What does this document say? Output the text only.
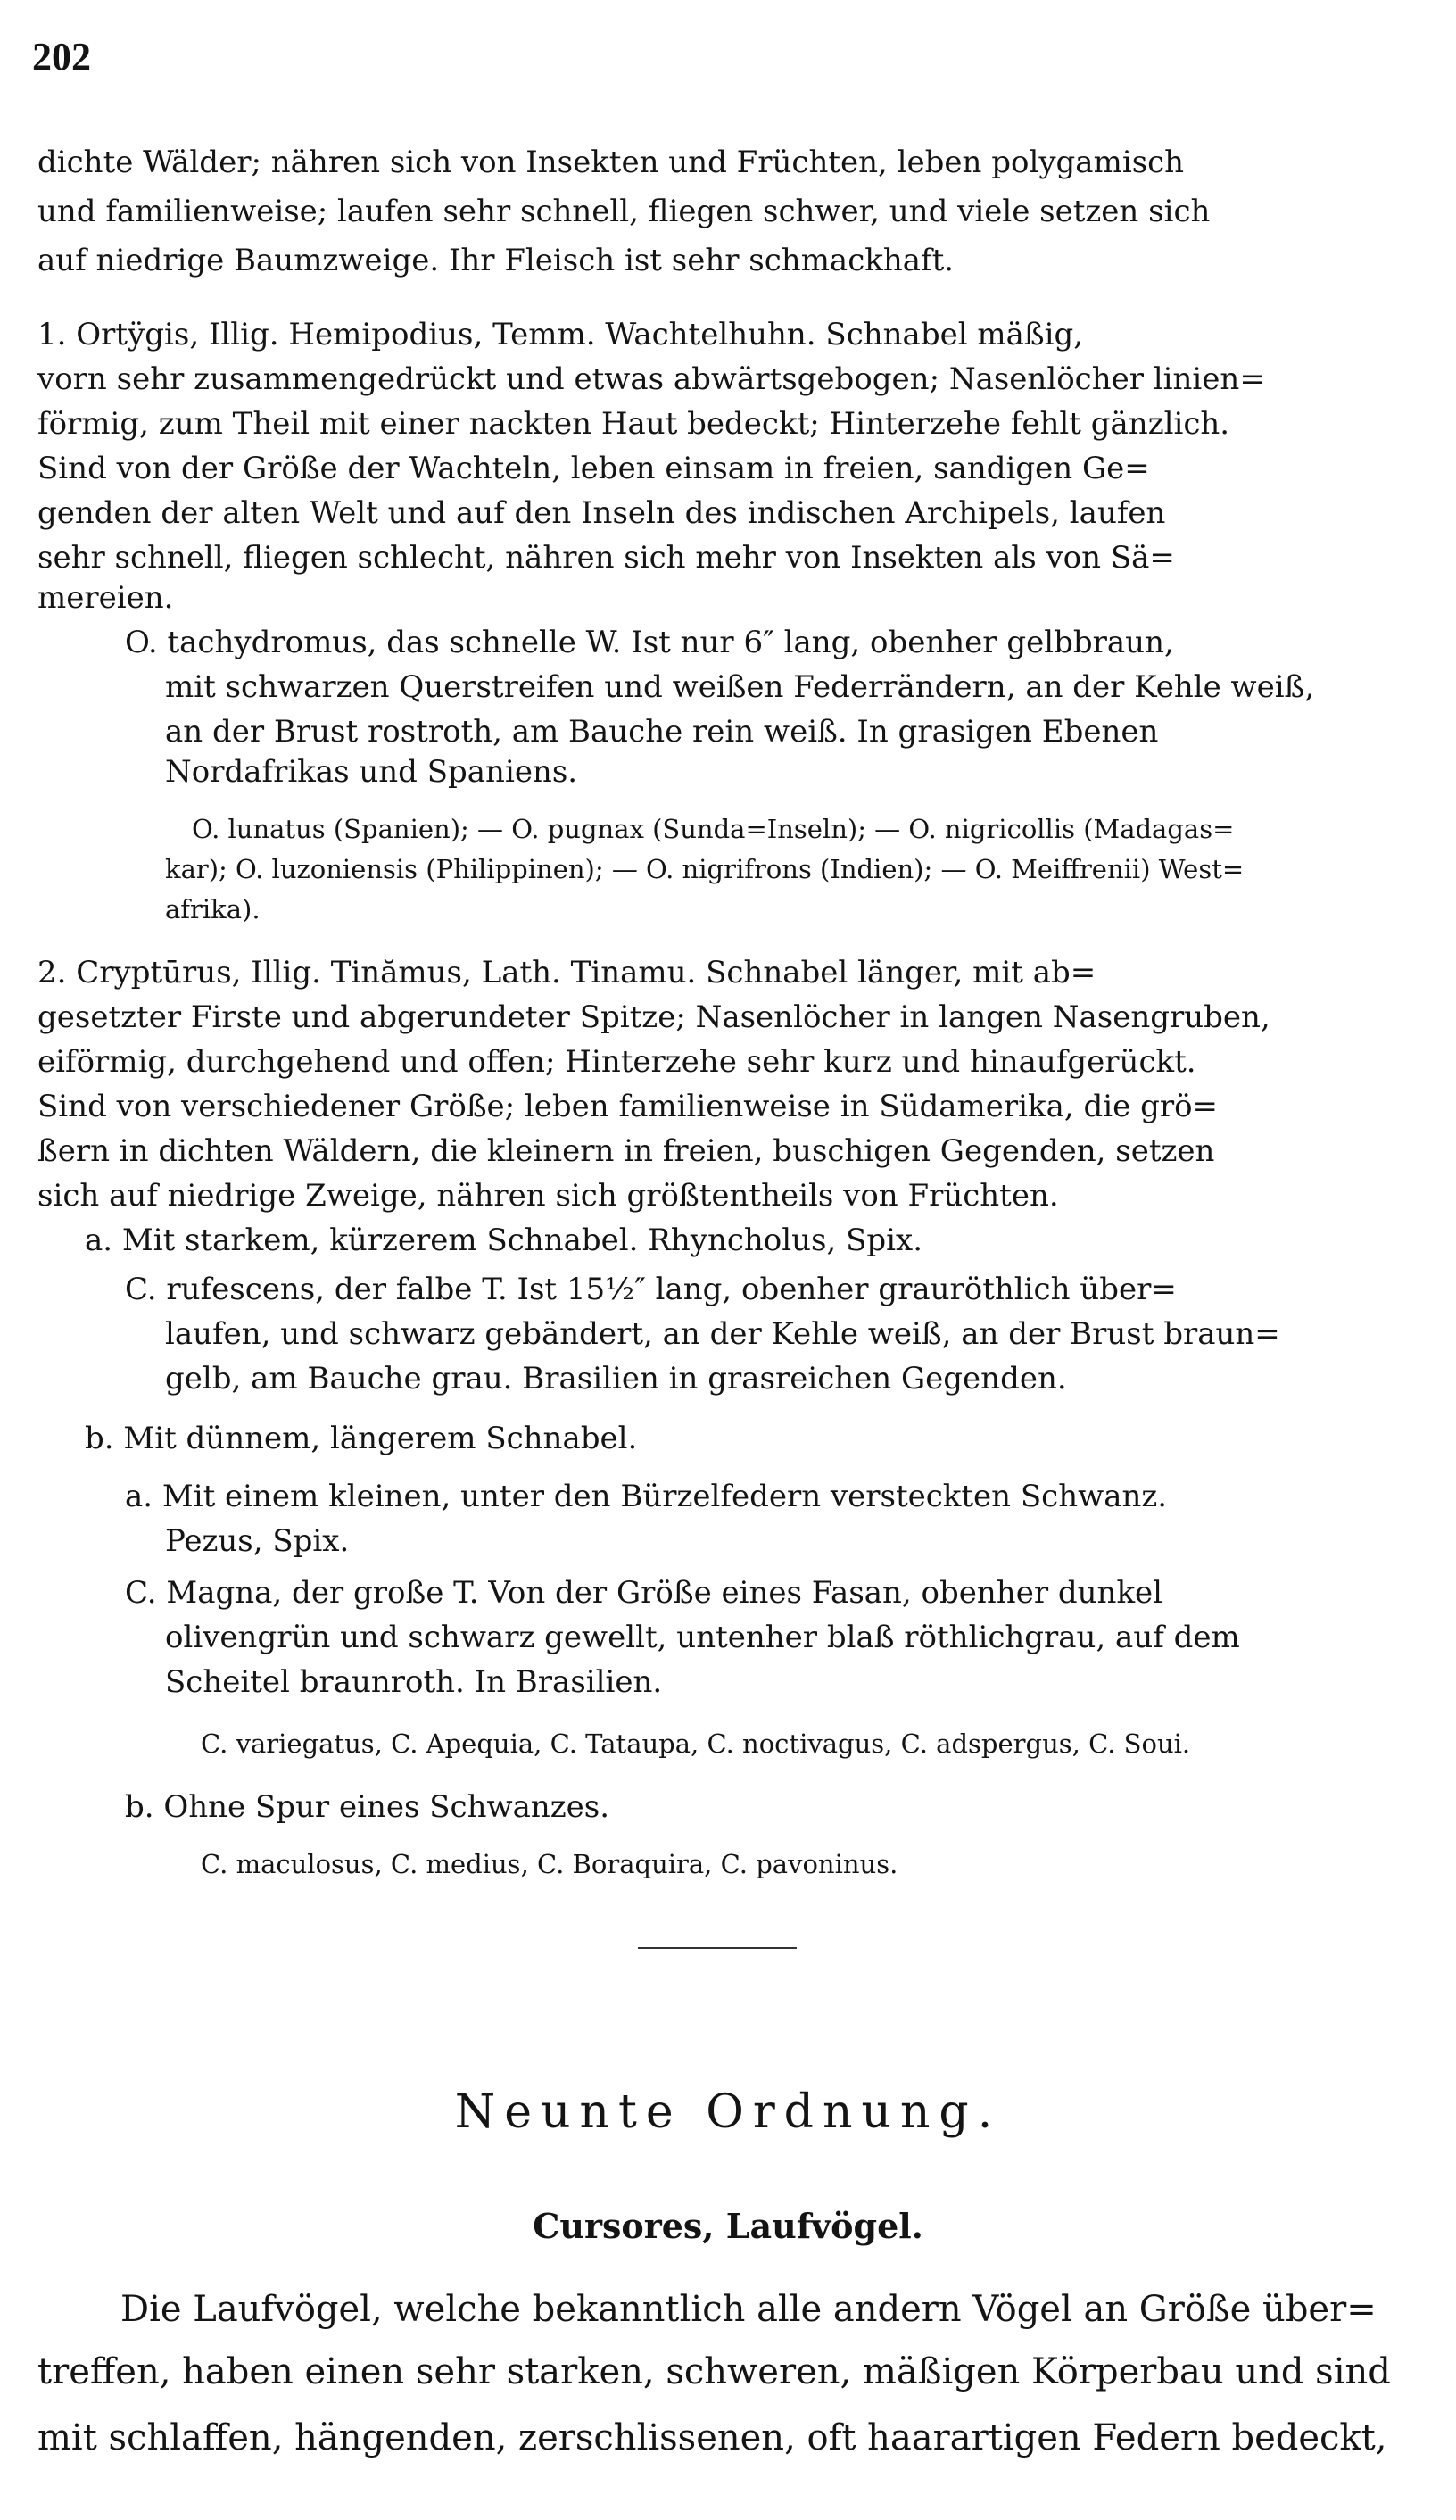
202
dichte Wälder; nähren sich von Insekten und Früchten, leben polygamisch
und familienweise; laufen sehr schnell, fliegen schwer, und viele setzen sich
auf niedrige Baumzweige. Ihr Fleisch ist sehr schmackhaft.
1. Ortÿgis, Illig. Hemipodius, Temm. Wachtelhuhn. Schnabel mäßig,
vorn sehr zusammengedrückt und etwas abwärtsgebogen; Nasenlöcher linien=
förmig, zum Theil mit einer nackten Haut bedeckt; Hinterzehe fehlt gänzlich.
Sind von der Größe der Wachteln, leben einsam in freien, sandigen Ge=
genden der alten Welt und auf den Inseln des indischen Archipels, laufen
sehr schnell, fliegen schlecht, nähren sich mehr von Insekten als von Sä=
mereien.
O. tachydromus, das schnelle W. Ist nur 6″ lang, obenher gelbbraun,
mit schwarzen Querstreifen und weißen Federrändern, an der Kehle weiß,
an der Brust rostroth, am Bauche rein weiß. In grasigen Ebenen
Nordafrikas und Spaniens.
O. lunatus (Spanien); — O. pugnax (Sunda=Inseln); — O. nigricollis (Madagas=
kar); O. luzoniensis (Philippinen); — O. nigrifrons (Indien); — O. Meiffrenii) West=
afrika).
2. Cryptūrus, Illig. Tinămus, Lath. Tinamu. Schnabel länger, mit ab=
gesetzter Firste und abgerundeter Spitze; Nasenlöcher in langen Nasengruben,
eiförmig, durchgehend und offen; Hinterzehe sehr kurz und hinaufgerückt.
Sind von verschiedener Größe; leben familienweise in Südamerika, die grö=
ßern in dichten Wäldern, die kleinern in freien, buschigen Gegenden, setzen
sich auf niedrige Zweige, nähren sich größtentheils von Früchten.
a. Mit starkem, kürzerem Schnabel. Rhyncholus, Spix.
C. rufescens, der falbe T. Ist 15½″ lang, obenher grauröthlich über=
laufen, und schwarz gebändert, an der Kehle weiß, an der Brust braun=
gelb, am Bauche grau. Brasilien in grasreichen Gegenden.
b. Mit dünnem, längerem Schnabel.
a. Mit einem kleinen, unter den Bürzelfedern versteckten Schwanz.
Pezus, Spix.
C. Magna, der große T. Von der Größe eines Fasan, obenher dunkel
olivengrün und schwarz gewellt, untenher blaß röthlichgrau, auf dem
Scheitel braunroth. In Brasilien.
C. variegatus, C. Apequia, C. Tataupa, C. noctivagus, C. adspergus, C. Soui.
b. Ohne Spur eines Schwanzes.
C. maculosus, C. medius, C. Boraquira, C. pavoninus.
Neunte Ordnung.
Cursores, Laufvögel.
Die Laufvögel, welche bekanntlich alle andern Vögel an Größe über=
treffen, haben einen sehr starken, schweren, mäßigen Körperbau und sind
mit schlaffen, hängenden, zerschlissenen, oft haarartigen Federn bedeckt,
